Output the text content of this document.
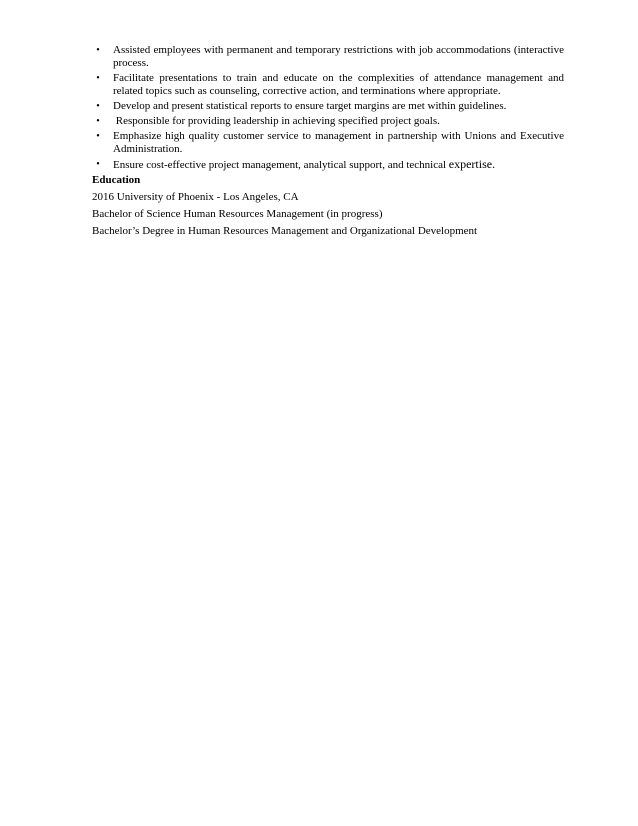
• Assisted employees with permanent and temporary restrictions with job accommodations (interactive process.
• Facilitate presentations to train and educate on the complexities of attendance management and related topics such as counseling, corrective action, and terminations where appropriate.
• Develop and present statistical reports to ensure target margins are met within guidelines.
• Responsible for providing leadership in achieving specified project goals.
• Emphasize high quality customer service to management in partnership with Unions and Executive Administration.
• Ensure cost-effective project management, analytical support, and technical expertise.
Education
2016 University of Phoenix - Los Angeles, CA
Bachelor of Science Human Resources Management (in progress)
Bachelor’s Degree in Human Resources Management and Organizational Development
